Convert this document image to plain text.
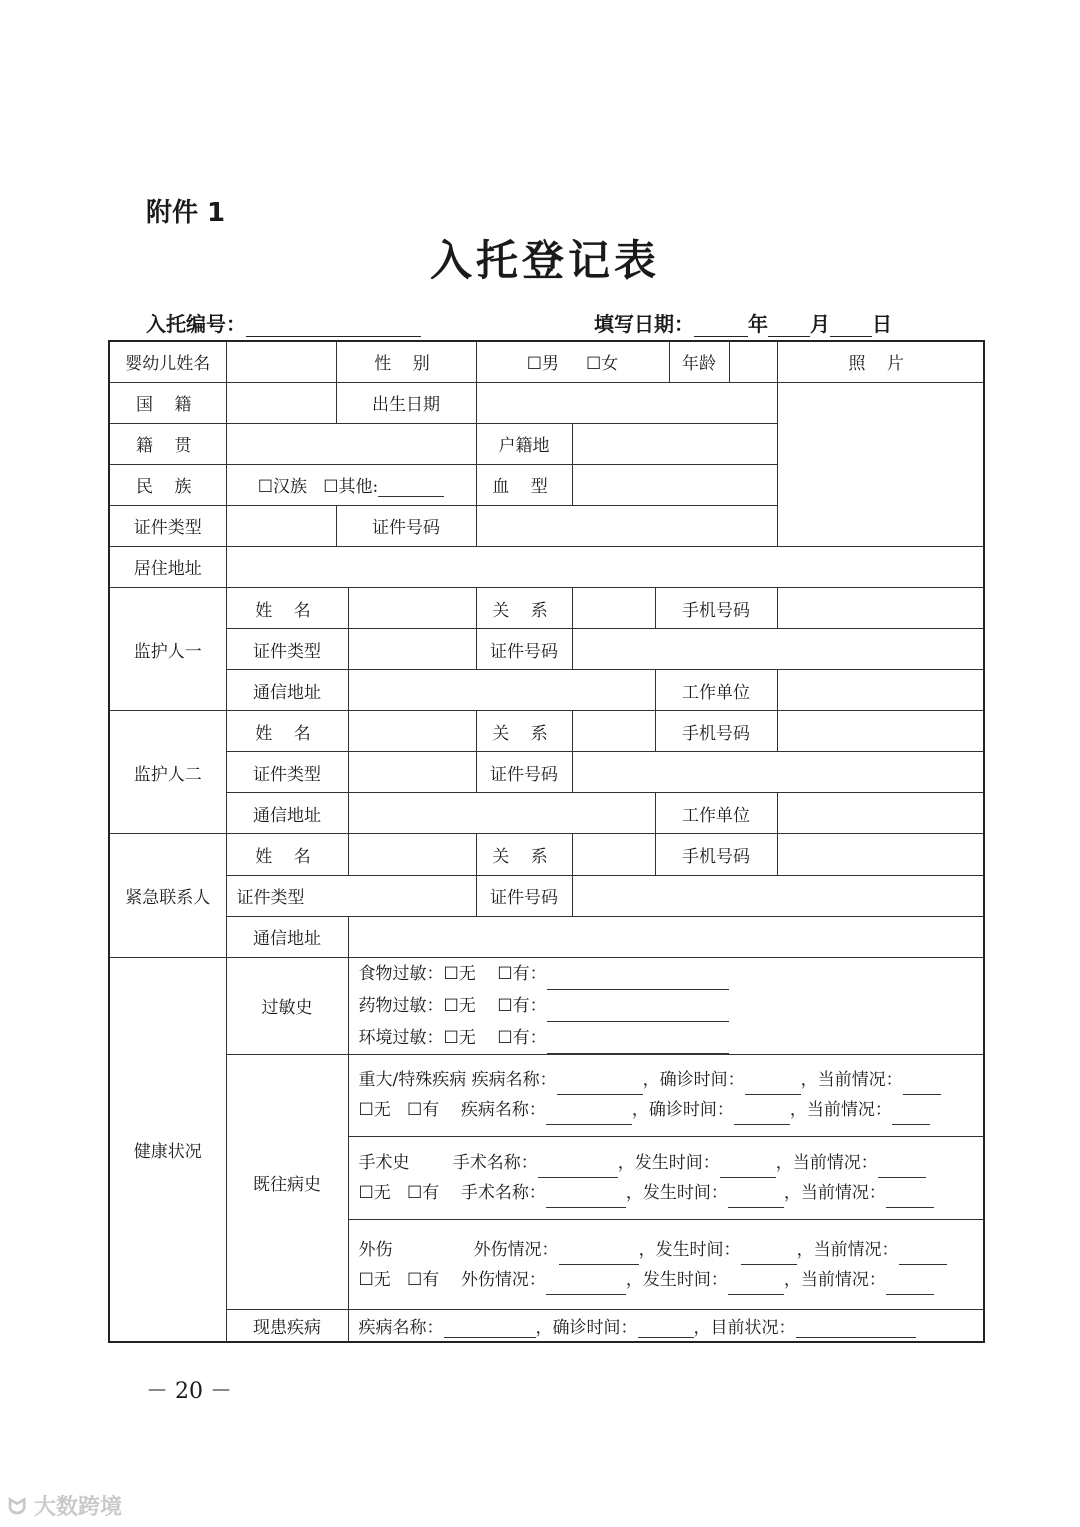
附件 1
入托登记表
入托编号：	填写日期：	年 月 日
婴幼儿姓名		性 别		☐男 ☐女			年龄		照 片
国 籍		出生日期							
籍 贯				户籍地					
民 族	☐汉族 ☐其他:			血 型					
证件类型		证件号码							
居住地址									
监护人一	姓 名			关 系		手机号码			
	证件类型			证件号码					
	通信地址					工作单位			
监护人二	姓 名			关 系		手机号码			
	证件类型			证件号码					
	通信地址					工作单位			
紧急联系人	姓 名			关 系		手机号码			
	证件类型			证件号码					
	通信地址								
健康状况	过敏史		食物过敏：☐无 ☐有：
药物过敏：☐无 ☐有：
环境过敏：☐无 ☐有：						

	既往病史		重大/特殊疾病 疾病名称： ，确诊时间： ，当前情况：
☐无 ☐有 疾病名称： ，确诊时间： ，当前情况：						

			手术史 手术名称： ，发生时间： ，当前情况：
☐无 ☐有 手术名称： ，发生时间： ，当前情况：						

			外伤 外伤情况： ，发生时间： ，当前情况：
☐无 ☐有 外伤情况： ，发生时间： ，当前情况：						

	现患疾病		疾病名称： ，确诊时间： ，目前状况：						
－ 20 －
ᗢ 大数跨境
